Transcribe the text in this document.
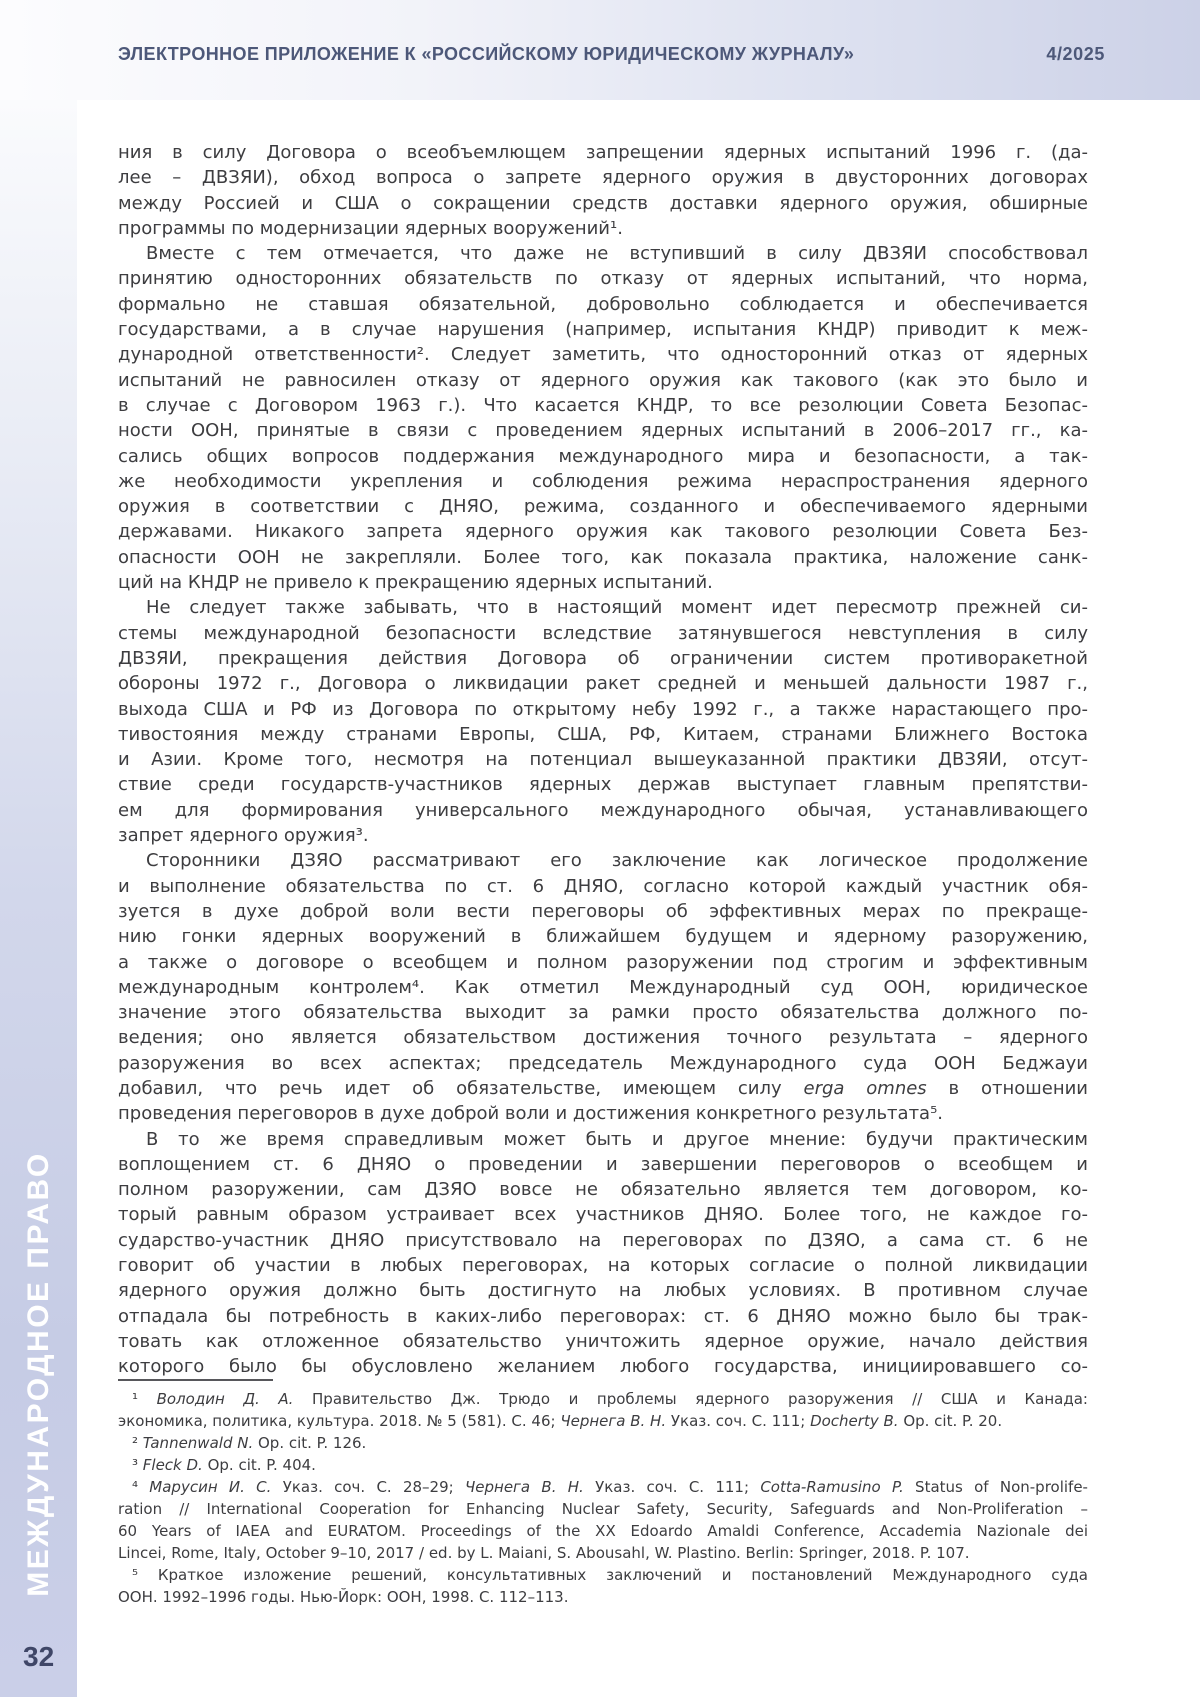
ЭЛЕКТРОННОЕ ПРИЛОЖЕНИЕ К «РОССИЙСКОМУ ЮРИДИЧЕСКОМУ ЖУРНАЛУ»	4/2025
ния в силу Договора о всеобъемлющем запрещении ядерных испытаний 1996 г. (да-
лее – ДВЗЯИ), обход вопроса о запрете ядерного оружия в двусторонних договорах
между Россией и США о сокращении средств доставки ядерного оружия, обширные
программы по модернизации ядерных вооружений¹.
Вместе с тем отмечается, что даже не вступивший в силу ДВЗЯИ способствовал
принятию односторонних обязательств по отказу от ядерных испытаний, что норма,
формально не ставшая обязательной, добровольно соблюдается и обеспечивается
государствами, а в случае нарушения (например, испытания КНДР) приводит к меж-
дународной ответственности². Следует заметить, что односторонний отказ от ядерных
испытаний не равносилен отказу от ядерного оружия как такового (как это было и
в случае с Договором 1963 г.). Что касается КНДР, то все резолюции Совета Безопас-
ности ООН, принятые в связи с проведением ядерных испытаний в 2006–2017 гг., ка-
сались общих вопросов поддержания международного мира и безопасности, а так-
же необходимости укрепления и соблюдения режима нераспространения ядерного
оружия в соответствии с ДНЯО, режима, созданного и обеспечиваемого ядерными
державами. Никакого запрета ядерного оружия как такового резолюции Совета Без-
опасности ООН не закрепляли. Более того, как показала практика, наложение санк-
ций на КНДР не привело к прекращению ядерных испытаний.
Не следует также забывать, что в настоящий момент идет пересмотр прежней си-
стемы международной безопасности вследствие затянувшегося невступления в силу
ДВЗЯИ, прекращения действия Договора об ограничении систем противоракетной
обороны 1972 г., Договора о ликвидации ракет средней и меньшей дальности 1987 г.,
выхода США и РФ из Договора по открытому небу 1992 г., а также нарастающего про-
тивостояния между странами Европы, США, РФ, Китаем, странами Ближнего Востока
и Азии. Кроме того, несмотря на потенциал вышеуказанной практики ДВЗЯИ, отсут-
ствие среди государств-участников ядерных держав выступает главным препятстви-
ем для формирования универсального международного обычая, устанавливающего
запрет ядерного оружия³.
Сторонники ДЗЯО рассматривают его заключение как логическое продолжение
и выполнение обязательства по ст. 6 ДНЯО, согласно которой каждый участник обя-
зуется в духе доброй воли вести переговоры об эффективных мерах по прекраще-
нию гонки ядерных вооружений в ближайшем будущем и ядерному разоружению,
а также о договоре о всеобщем и полном разоружении под строгим и эффективным
международным контролем⁴. Как отметил Международный суд ООН, юридическое
значение этого обязательства выходит за рамки просто обязательства должного по-
ведения; оно является обязательством достижения точного результата – ядерного
разоружения во всех аспектах; председатель Международного суда ООН Беджауи
добавил, что речь идет об обязательстве, имеющем силу erga omnes в отношении
проведения переговоров в духе доброй воли и достижения конкретного результата⁵.
В то же время справедливым может быть и другое мнение: будучи практическим
воплощением ст. 6 ДНЯО о проведении и завершении переговоров о всеобщем и
полном разоружении, сам ДЗЯО вовсе не обязательно является тем договором, ко-
торый равным образом устраивает всех участников ДНЯО. Более того, не каждое го-
сударство-участник ДНЯО присутствовало на переговорах по ДЗЯО, а сама ст. 6 не
говорит об участии в любых переговорах, на которых согласие о полной ликвидации
ядерного оружия должно быть достигнуто на любых условиях. В противном случае
отпадала бы потребность в каких-либо переговорах: ст. 6 ДНЯО можно было бы трак-
товать как отложенное обязательство уничтожить ядерное оружие, начало действия
которого было бы обусловлено желанием любого государства, инициировавшего со-
¹ Володин Д. А. Правительство Дж. Трюдо и проблемы ядерного разоружения // США и Канада:
экономика, политика, культура. 2018. № 5 (581). С. 46; Чернега В. Н. Указ. соч. С. 111; Docherty B. Op. cit. P. 20.
² Tannenwald N. Op. cit. P. 126.
³ Fleck D. Op. cit. P. 404.
⁴ Марусин И. С. Указ. соч. С. 28–29; Чернега В. Н. Указ. соч. С. 111; Cotta-Ramusino P. Status of Non-prolife-
ration // International Cooperation for Enhancing Nuclear Safety, Security, Safeguards and Non-Proliferation –
60 Years of IAEA and EURATOM. Proceedings of the XX Edoardo Amaldi Conference, Accademia Nazionale dei
Lincei, Rome, Italy, October 9–10, 2017 / ed. by L. Maiani, S. Abousahl, W. Plastino. Berlin: Springer, 2018. P. 107.
⁵ Краткое изложение решений, консультативных заключений и постановлений Международного суда
ООН. 1992–1996 годы. Нью-Йорк: ООН, 1998. С. 112–113.
МЕЖДУНАРОДНОЕ ПРАВО
32
